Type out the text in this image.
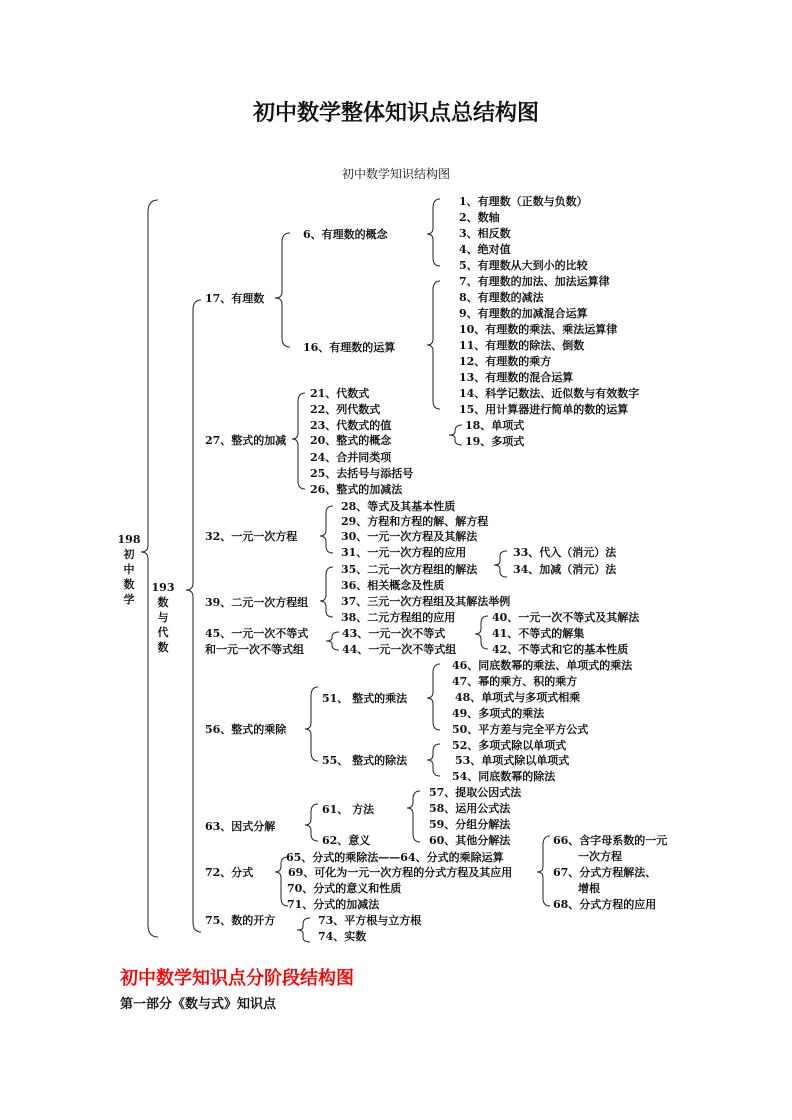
初中数学整体知识点总结构图
初中数学知识结构图
198
初
中
数
学
193
数
与
代
数
17、有理数
6、有理数的概念
16、有理数的运算
27、整式的加减
32、一元一次方程
39、二元一次方程组
45、一元一次不等式
和一元一次不等式组
56、整式的乘除
51、 整式的乘法
55、 整式的除法
63、因式分解
61、 方法
62、意义
72、分式
75、数的开方
1、有理数（正数与负数）
2、数轴
3、相反数
4、绝对值
5、有理数从大到小的比较
7、有理数的加法、加法运算律
8、有理数的减法
9、有理数的加减混合运算
10、有理数的乘法、乘法运算律
11、有理数的除法、倒数
12、有理数的乘方
13、有理数的混合运算
14、科学记数法、近似数与有效数字
15、用计算器进行简单的数的运算
21、代数式
22、列代数式
23、代数式的值
20、整式的概念
18、单项式
19、多项式
24、合并同类项
25、去括号与添括号
26、整式的加减法
28、等式及其基本性质
29、方程和方程的解、解方程
30、一元一次方程及其解法
31、一元一次方程的应用	33、代入（消元）法
34、加减（消元）法
35、二元一次方程组的解法
36、相关概念及性质
37、三元一次方程组及其解法举例
38、二元方程组的应用	40、一元一次不等式及其解法
41、不等式的解集
42、不等式和它的基本性质
43、一元一次不等式
44、一元一次不等式组
46、同底数幂的乘法、单项式的乘法
47、幂的乘方、积的乘方
48、单项式与多项式相乘
49、多项式的乘法
50、平方差与完全平方公式
52、多项式除以单项式
53、单项式除以单项式
54、同底数幂的除法
57、提取公因式法
58、运用公式法
59、分组分解法
60、其他分解法
65、分式的乘除法——64、分式的乘除运算
69、可化为一元一次方程的分式方程及其应用
70、分式的意义和性质
71、分式的加减法
66、含字母系数的一元
一次方程
67、分式方程解法、
增根
68、分式方程的应用
73、平方根与立方根
74、实数
初中数学知识点分阶段结构图
第一部分《数与式》知识点
